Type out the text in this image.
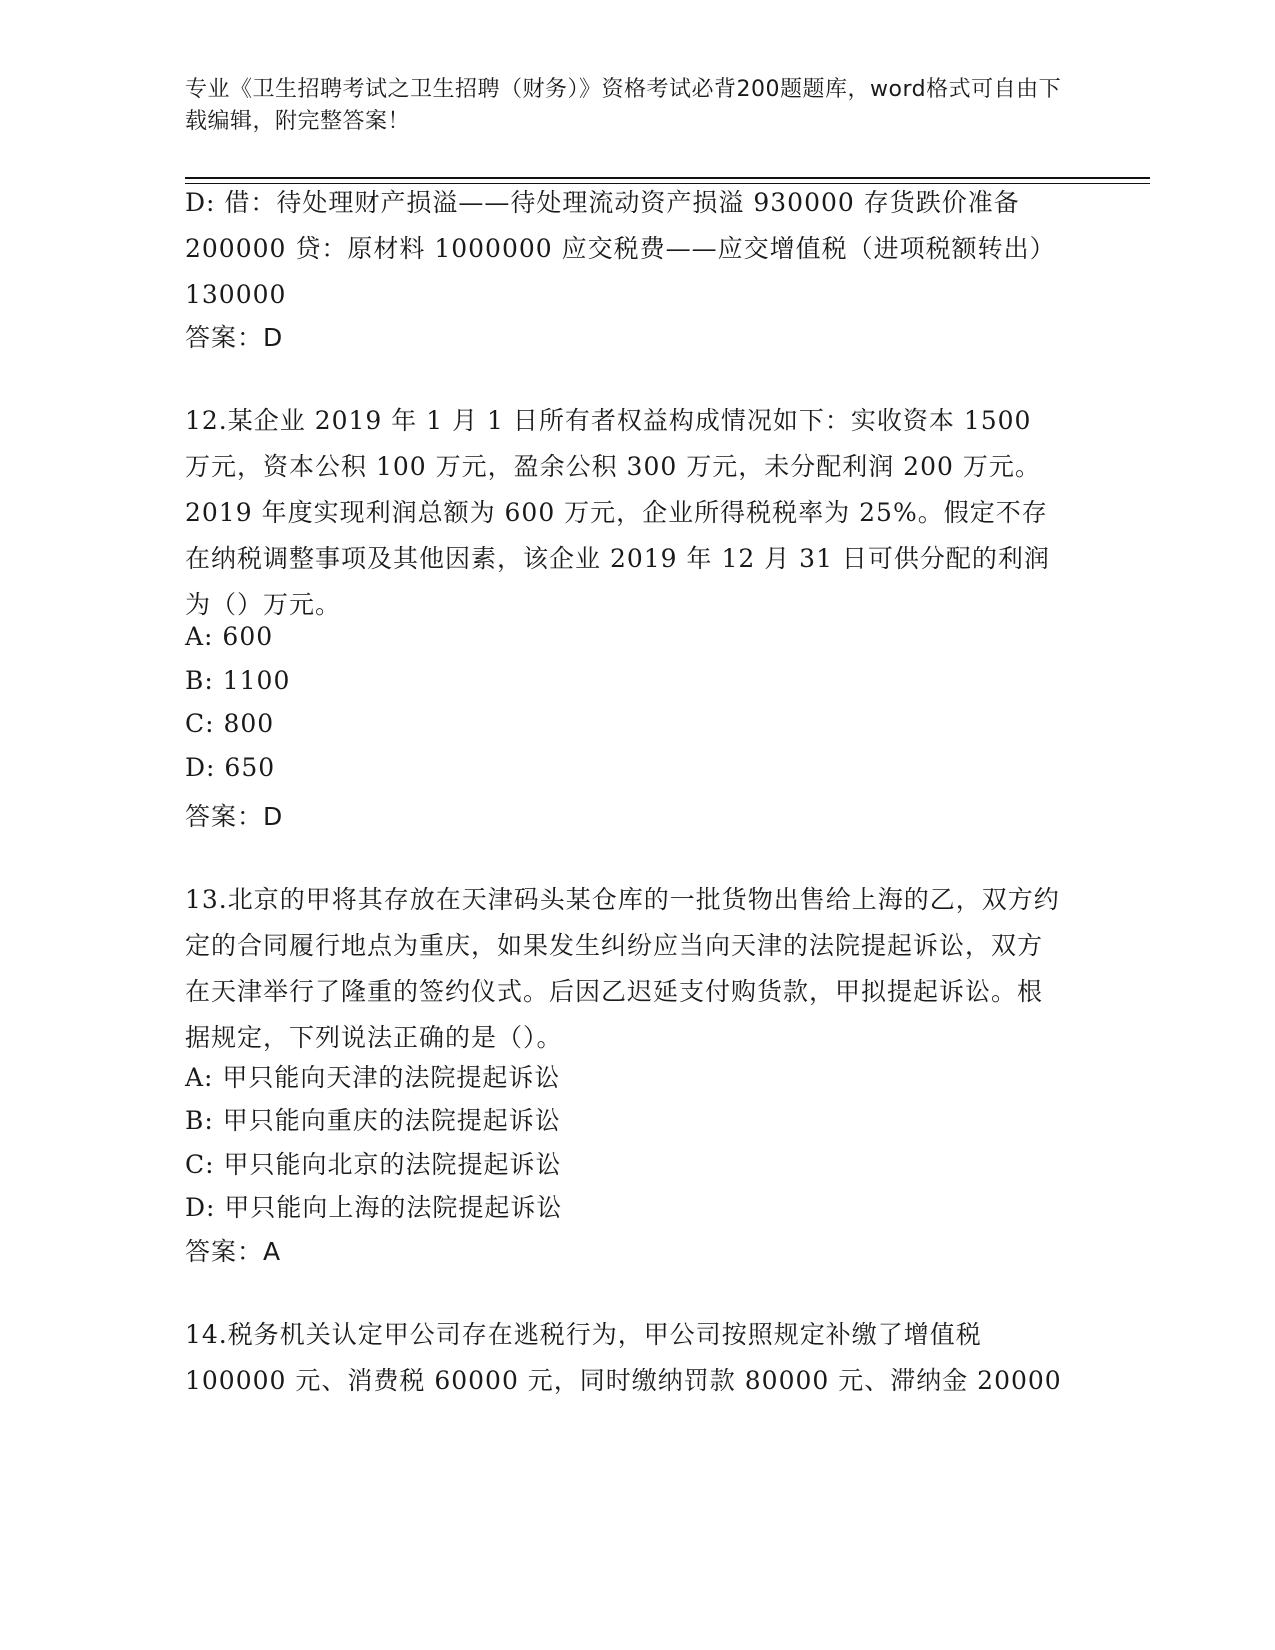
专业《卫生招聘考试之卫生招聘（财务）》资格考试必背200题题库，word格式可自由下载编辑，附完整答案！
D: 借：待处理财产损溢——待处理流动资产损溢 930000 存货跌价准备 200000 贷：原材料 1000000 应交税费——应交增值税（进项税额转出）130000
答案：D
12.某企业 2019 年 1 月 1 日所有者权益构成情况如下：实收资本 1500 万元，资本公积 100 万元，盈余公积 300 万元，未分配利润 200 万元。2019 年度实现利润总额为 600 万元，企业所得税税率为 25%。假定不存在纳税调整事项及其他因素，该企业 2019 年 12 月 31 日可供分配的利润为（）万元。
A: 600
B: 1100
C: 800
D: 650
答案：D
13.北京的甲将其存放在天津码头某仓库的一批货物出售给上海的乙，双方约定的合同履行地点为重庆，如果发生纠纷应当向天津的法院提起诉讼，双方在天津举行了隆重的签约仪式。后因乙迟延支付购货款，甲拟提起诉讼。根据规定，下列说法正确的是（）。
A: 甲只能向天津的法院提起诉讼
B: 甲只能向重庆的法院提起诉讼
C: 甲只能向北京的法院提起诉讼
D: 甲只能向上海的法院提起诉讼
答案：A
14.税务机关认定甲公司存在逃税行为，甲公司按照规定补缴了增值税 100000 元、消费税 60000 元，同时缴纳罚款 80000 元、滞纳金 20000
